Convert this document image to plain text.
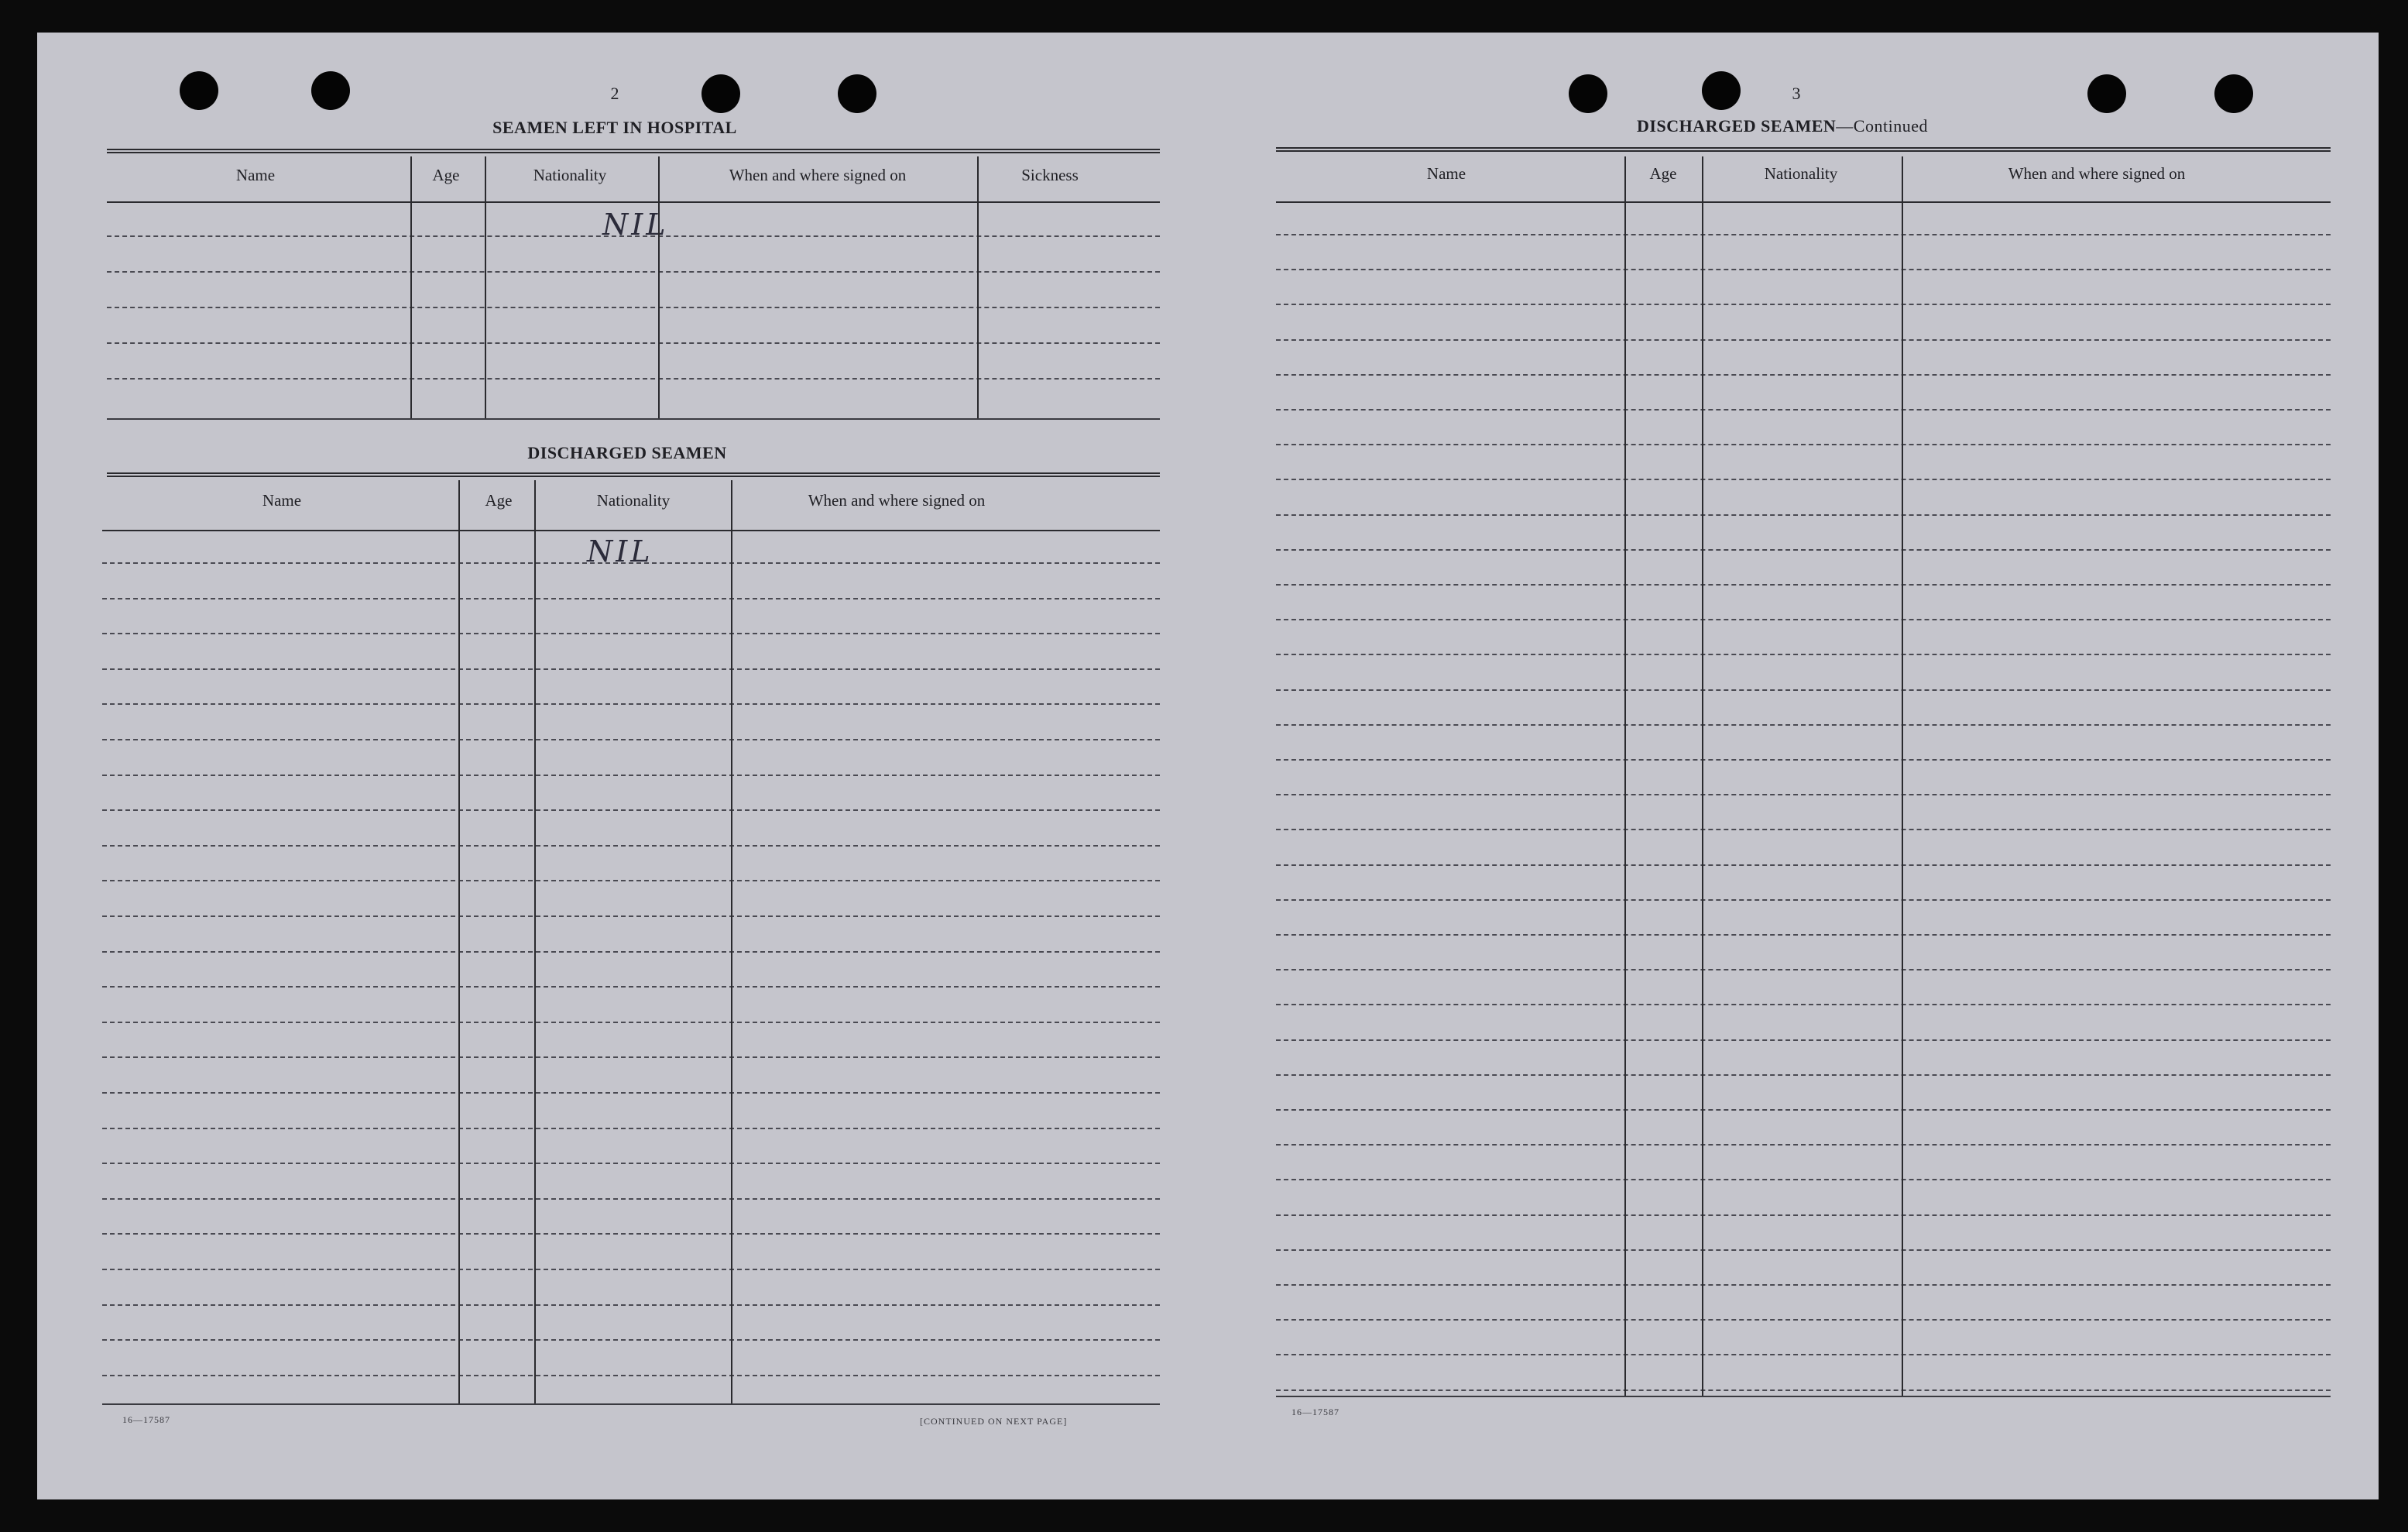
2
SEAMEN LEFT IN HOSPITAL
Name	Age	Nationality	When and where signed on	Sickness
NIL
DISCHARGED SEAMEN
Name	Age	Nationality	When and where signed on
NIL
16—17587	[CONTINUED ON NEXT PAGE]
3
DISCHARGED SEAMEN—Continued
Name	Age	Nationality	When and where signed on
16—17587
